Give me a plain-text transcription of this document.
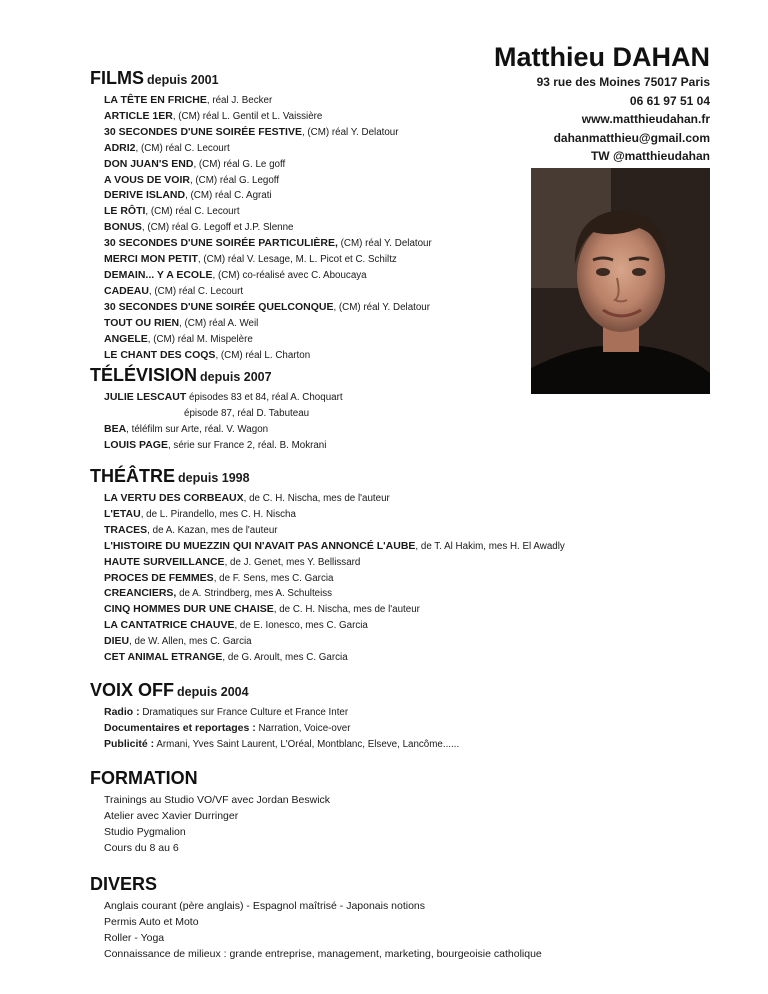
Matthieu DAHAN
93 rue des Moines 75017 Paris
06 61 97 51 04
www.matthieudahan.fr
dahanmatthieu@gmail.com
TW @matthieudahan
FILMS depuis 2001
LA TÊTE EN FRICHE, réal J. Becker
ARTICLE 1ER, (CM) réal L. Gentil et L. Vaissière
30 SECONDES D'UNE SOIRÉE FESTIVE, (CM) réal Y. Delatour
ADRI2, (CM) réal C. Lecourt
DON JUAN'S END, (CM) réal G. Le goff
A VOUS DE VOIR, (CM) réal G. Legoff
DERIVE ISLAND, (CM) réal C. Agrati
LE RÔTI, (CM) réal C. Lecourt
BONUS, (CM) réal G. Legoff et J.P. Slenne
30 SECONDES D'UNE SOIRÉE PARTICULIÈRE, (CM) réal Y. Delatour
MERCI MON PETIT, (CM) réal V. Lesage, M. L. Picot et C. Schiltz
DEMAIN... Y A ECOLE, (CM) co-réalisé avec C. Aboucaya
CADEAU, (CM) réal C. Lecourt
30 SECONDES D'UNE SOIRÉE QUELCONQUE, (CM) réal Y. Delatour
TOUT OU RIEN, (CM) réal A. Weil
ANGELE, (CM) réal M. Mispelère
LE CHANT DES COQS, (CM) réal L. Charton
TÉLÉVISION depuis 2007
JULIE LESCAUT épisodes 83 et 84, réal A. Choquart
épisode 87, réal D. Tabuteau
BEA, téléfilm sur Arte, réal. V. Wagon
LOUIS PAGE, série sur France 2, réal. B. Mokrani
THÉÂTRE depuis 1998
LA VERTU DES CORBEAUX, de C. H. Nischa, mes de l'auteur
L'ETAU, de L. Pirandello, mes C. H. Nischa
TRACES, de A. Kazan, mes de l'auteur
L'HISTOIRE DU MUEZZIN QUI N'AVAIT PAS ANNONCÉ L'AUBE, de T. Al Hakim, mes H. El Awadly
HAUTE SURVEILLANCE, de J. Genet, mes Y. Bellissard
PROCES DE FEMMES, de F. Sens, mes C. Garcia
CREANCIERS, de A. Strindberg, mes A. Schulteiss
CINQ HOMMES DUR UNE CHAISE, de C. H. Nischa, mes de l'auteur
LA CANTATRICE CHAUVE, de E. Ionesco, mes C. Garcia
DIEU, de W. Allen, mes C. Garcia
CET ANIMAL ETRANGE, de G. Aroult, mes C. Garcia
VOIX OFF depuis 2004
Radio : Dramatiques sur France Culture et France Inter
Documentaires et reportages : Narration, Voice-over
Publicité : Armani, Yves Saint Laurent, L'Oréal, Montblanc, Elseve, Lancôme......
FORMATION
Trainings au Studio VO/VF avec Jordan Beswick
Atelier avec Xavier Durringer
Studio Pygmalion
Cours du 8 au 6
DIVERS
Anglais courant (père anglais) - Espagnol maîtrisé - Japonais notions
Permis Auto et Moto
Roller - Yoga
Connaissance de milieux : grande entreprise, management, marketing, bourgeoisie catholique
